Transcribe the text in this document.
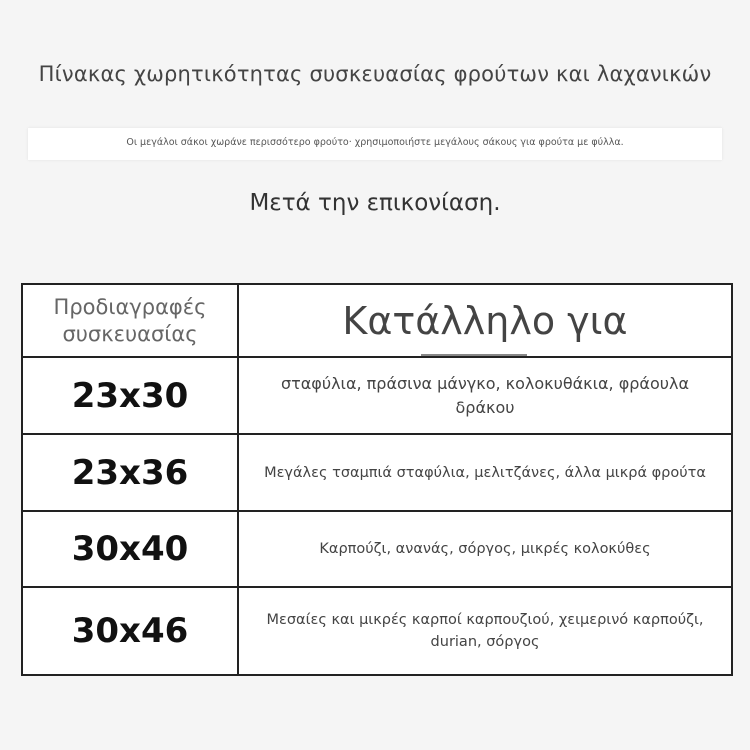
Πίνακας χωρητικότητας συσκευασίας φρούτων και λαχανικών
Οι μεγάλοι σάκοι χωράνε περισσότερο φρούτο· χρησιμοποιήστε μεγάλους σάκους για φρούτα με φύλλα.
Μετά την επικονίαση.
Προδιαγραφές συσκευασίας	Κατάλληλο για

23x30	σταφύλια, πράσινα μάνγκο, κολοκυθάκια, φράουλα δράκου
23x36	Μεγάλες τσαμπιά σταφύλια, μελιτζάνες, άλλα μικρά φρούτα
30x40	Καρπούζι, ανανάς, σόργος, μικρές κολοκύθες
30x46	Μεσαίες και μικρές καρποί καρπουζιού, χειμερινό καρπούζι, durian, σόργος
